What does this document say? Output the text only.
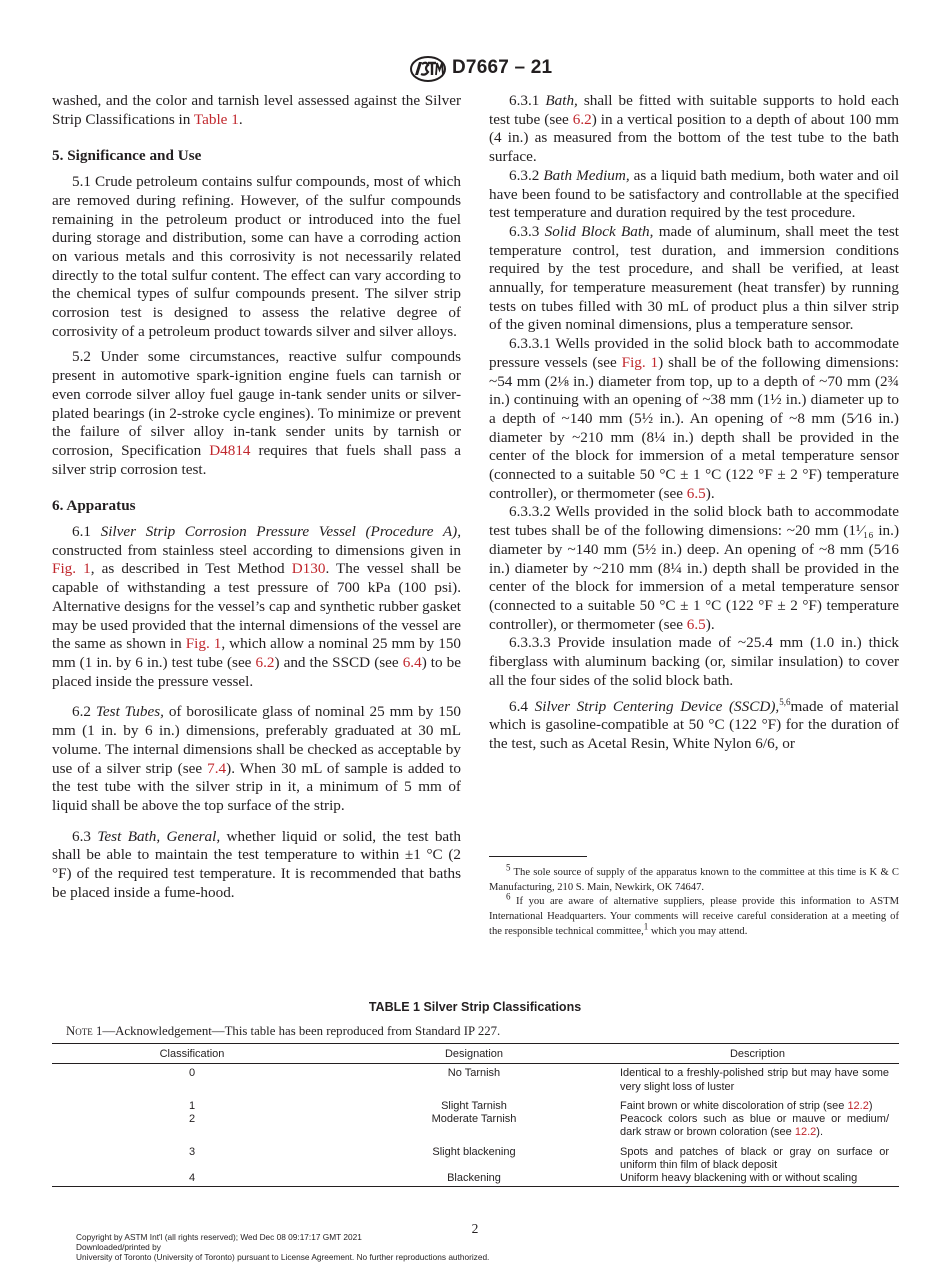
D7667 – 21

washed, and the color and tarnish level assessed against the Silver Strip Classifications in Table 1.

5. Significance and Use

5.1 Crude petroleum contains sulfur compounds, most of which are removed during refining. However, of the sulfur compounds remaining in the petroleum product or introduced into the fuel during storage and distribution, some can have a corroding action on various metals and this corrosivity is not necessarily related directly to the total sulfur content. The effect can vary according to the chemical types of sulfur compounds present. The silver strip corrosion test is designed to assess the relative degree of corrosivity of a petroleum product towards silver and silver alloys.

5.2 Under some circumstances, reactive sulfur compounds present in automotive spark-ignition engine fuels can tarnish or even corrode silver alloy fuel gauge in-tank sender units or silver-plated bearings (in 2-stroke cycle engines). To minimize or prevent the failure of silver alloy in-tank sender units by tarnish or corrosion, Specification D4814 requires that fuels shall pass a silver strip corrosion test.

6. Apparatus

6.1 Silver Strip Corrosion Pressure Vessel (Procedure A), constructed from stainless steel according to dimensions given in Fig. 1, as described in Test Method D130. The vessel shall be capable of withstanding a test pressure of 700 kPa (100 psi). Alternative designs for the vessel’s cap and synthetic rubber gasket may be used provided that the internal dimensions of the vessel are the same as shown in Fig. 1, which allow a nominal 25 mm by 150 mm (1 in. by 6 in.) test tube (see 6.2) and the SSCD (see 6.4) to be placed inside the pressure vessel.

6.2 Test Tubes, of borosilicate glass of nominal 25 mm by 150 mm (1 in. by 6 in.) dimensions, preferably graduated at 30 mL volume. The internal dimensions shall be checked as acceptable by use of a silver strip (see 7.4). When 30 mL of sample is added to the test tube with the silver strip in it, a minimum of 5 mm of liquid shall be above the top surface of the strip.

6.3 Test Bath, General, whether liquid or solid, the test bath shall be able to maintain the test temperature to within ±1 °C (2 °F) of the required test temperature. It is recommended that baths be placed inside a fume-hood.

6.3.1 Bath, shall be fitted with suitable supports to hold each test tube (see 6.2) in a vertical position to a depth of about 100 mm (4 in.) as measured from the bottom of the test tube to the bath surface.

6.3.2 Bath Medium, as a liquid bath medium, both water and oil have been found to be satisfactory and controllable at the specified test temperature and duration required by the test procedure.

6.3.3 Solid Block Bath, made of aluminum, shall meet the test temperature control, test duration, and immersion conditions required by the test procedure, and shall be verified, at least annually, for temperature measurement (heat transfer) by running tests on tubes filled with 30 mL of product plus a thin silver strip of the given nominal dimensions, plus a temperature sensor.

6.3.3.1 Wells provided in the solid block bath to accommodate pressure vessels (see Fig. 1) shall be of the following dimensions: ~54 mm (2⅛ in.) diameter from top, up to a depth of ~70 mm (2¾ in.) continuing with an opening of ~38 mm (1½ in.) diameter up to a depth of ~140 mm (5½ in.). An opening of ~8 mm (5⁄16 in.) diameter by ~210 mm (8¼ in.) depth shall be provided in the center of the block for immersion of a metal temperature sensor (connected to a suitable 50 °C ± 1 °C (122 °F ± 2 °F) temperature controller), or thermometer (see 6.5).

6.3.3.2 Wells provided in the solid block bath to accommodate test tubes shall be of the following dimensions: ~20 mm (1¹⁄₁₆ in.) diameter by ~140 mm (5½ in.) deep. An opening of ~8 mm (5⁄16 in.) diameter by ~210 mm (8¼ in.) depth shall be provided in the center of the block for immersion of a metal temperature sensor (connected to a suitable 50 °C ± 1 °C (122 °F ± 2 °F) temperature controller), or thermometer (see 6.5).

6.3.3.3 Provide insulation made of ~25.4 mm (1.0 in.) thick fiberglass with aluminum backing (or, similar insulation) to cover all the four sides of the solid block bath.

6.4 Silver Strip Centering Device (SSCD),$^{5,6}$made of material which is gasoline-compatible at 50 °C (122 °F) for the duration of the test, such as Acetal Resin, White Nylon 6/6, or

$^5$ The sole source of supply of the apparatus known to the committee at this time is K & C Manufacturing, 210 S. Main, Newkirk, OK 74647.

$^6$ If you are aware of alternative suppliers, please provide this information to ASTM International Headquarters. Your comments will receive careful consideration at a meeting of the responsible technical committee,$^1$ which you may attend.

TABLE 1 Silver Strip Classifications
Note 1—Acknowledgement—This table has been reproduced from Standard IP 227.
Classification	Designation	Description
0	No Tarnish	Identical to a freshly-polished strip but may have some very slight loss of luster
1	Slight Tarnish	Faint brown or white discoloration of strip (see 12.2)
2	Moderate Tarnish	Peacock colors such as blue or mauve or medium/ dark straw or brown coloration (see 12.2).
3	Slight blackening	Spots and patches of black or gray on surface or uniform thin film of black deposit
4	Blackening	Uniform heavy blackening with or without scaling
2
Copyright by ASTM Int'l (all rights reserved); Wed Dec 08 09:17:17 GMT 2021
Downloaded/printed by
University of Toronto (University of Toronto) pursuant to License Agreement. No further reproductions authorized.
